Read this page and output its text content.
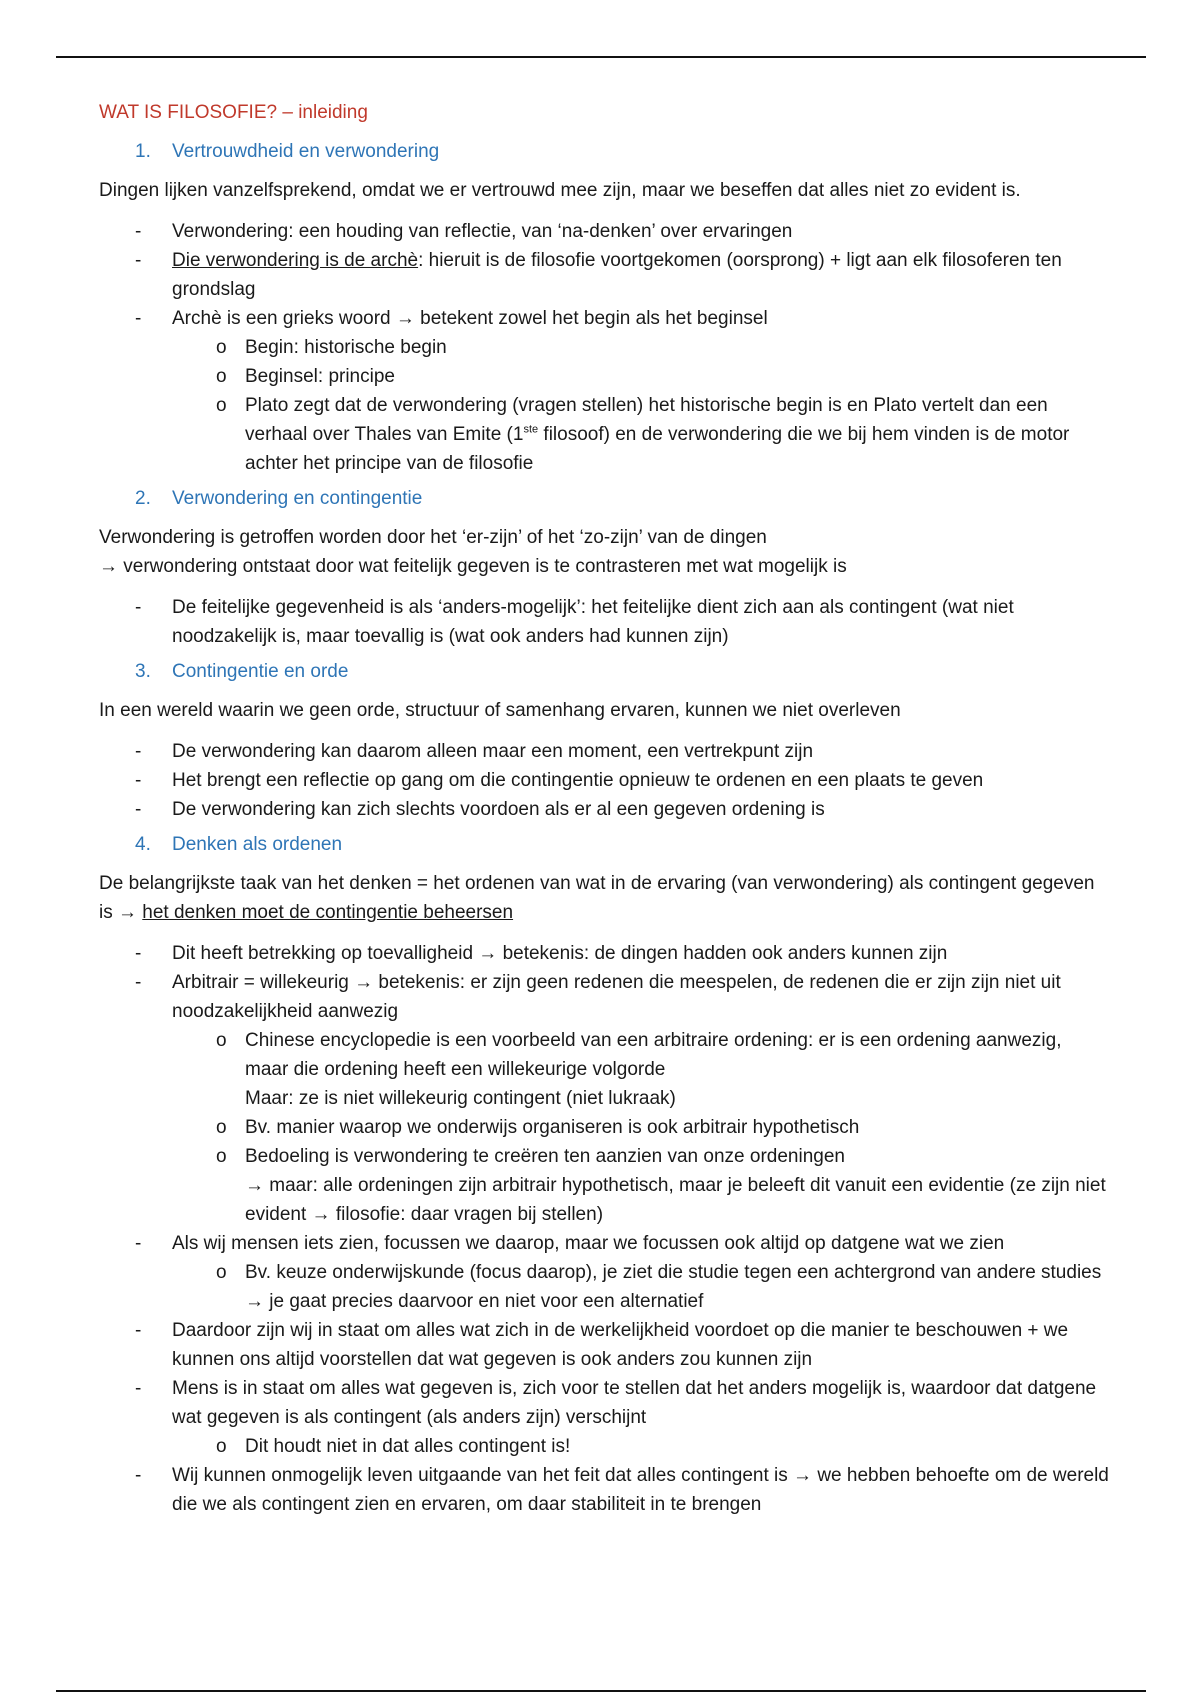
WAT IS FILOSOFIE? – inleiding
1. Vertrouwdheid en verwondering

Dingen lijken vanzelfsprekend, omdat we er vertrouwd mee zijn, maar we beseffen dat alles niet zo evident is.

- Verwondering: een houding van reflectie, van ‘na-denken’ over ervaringen
- Die verwondering is de archè: hieruit is de filosofie voortgekomen (oorsprong) + ligt aan elk filosoferen ten grondslag
- Archè is een grieks woord → betekent zowel het begin als het beginsel
o Begin: historische begin
o Beginsel: principe
o Plato zegt dat de verwondering (vragen stellen) het historische begin is en Plato vertelt dan een verhaal over Thales van Emite (1ste filosoof) en de verwondering die we bij hem vinden is de motor achter het principe van de filosofie
2. Verwondering en contingentie

Verwondering is getroffen worden door het ‘er-zijn’ of het ‘zo-zijn’ van de dingen

→ verwondering ontstaat door wat feitelijk gegeven is te contrasteren met wat mogelijk is

- De feitelijke gegevenheid is als ‘anders-mogelijk’: het feitelijke dient zich aan als contingent (wat niet noodzakelijk is, maar toevallig is (wat ook anders had kunnen zijn)
3. Contingentie en orde

In een wereld waarin we geen orde, structuur of samenhang ervaren, kunnen we niet overleven

- De verwondering kan daarom alleen maar een moment, een vertrekpunt zijn
- Het brengt een reflectie op gang om die contingentie opnieuw te ordenen en een plaats te geven
- De verwondering kan zich slechts voordoen als er al een gegeven ordening is
4. Denken als ordenen

De belangrijkste taak van het denken = het ordenen van wat in de ervaring (van verwondering) als contingent gegeven is → het denken moet de contingentie beheersen

- Dit heeft betrekking op toevalligheid → betekenis: de dingen hadden ook anders kunnen zijn
- Arbitrair = willekeurig → betekenis: er zijn geen redenen die meespelen, de redenen die er zijn zijn niet uit noodzakelijkheid aanwezig
o Chinese encyclopedie is een voorbeeld van een arbitraire ordening: er is een ordening aanwezig, maar die ordening heeft een willekeurige volgorde
Maar: ze is niet willekeurig contingent (niet lukraak)
o Bv. manier waarop we onderwijs organiseren is ook arbitrair hypothetisch
o Bedoeling is verwondering te creëren ten aanzien van onze ordeningen
→ maar: alle ordeningen zijn arbitrair hypothetisch, maar je beleeft dit vanuit een evidentie (ze zijn niet evident → filosofie: daar vragen bij stellen)
- Als wij mensen iets zien, focussen we daarop, maar we focussen ook altijd op datgene wat we zien
o Bv. keuze onderwijskunde (focus daarop), je ziet die studie tegen een achtergrond van andere studies → je gaat precies daarvoor en niet voor een alternatief
- Daardoor zijn wij in staat om alles wat zich in de werkelijkheid voordoet op die manier te beschouwen + we kunnen ons altijd voorstellen dat wat gegeven is ook anders zou kunnen zijn
- Mens is in staat om alles wat gegeven is, zich voor te stellen dat het anders mogelijk is, waardoor dat datgene wat gegeven is als contingent (als anders zijn) verschijnt
o Dit houdt niet in dat alles contingent is!
- Wij kunnen onmogelijk leven uitgaande van het feit dat alles contingent is → we hebben behoefte om de wereld die we als contingent zien en ervaren, om daar stabiliteit in te brengen
